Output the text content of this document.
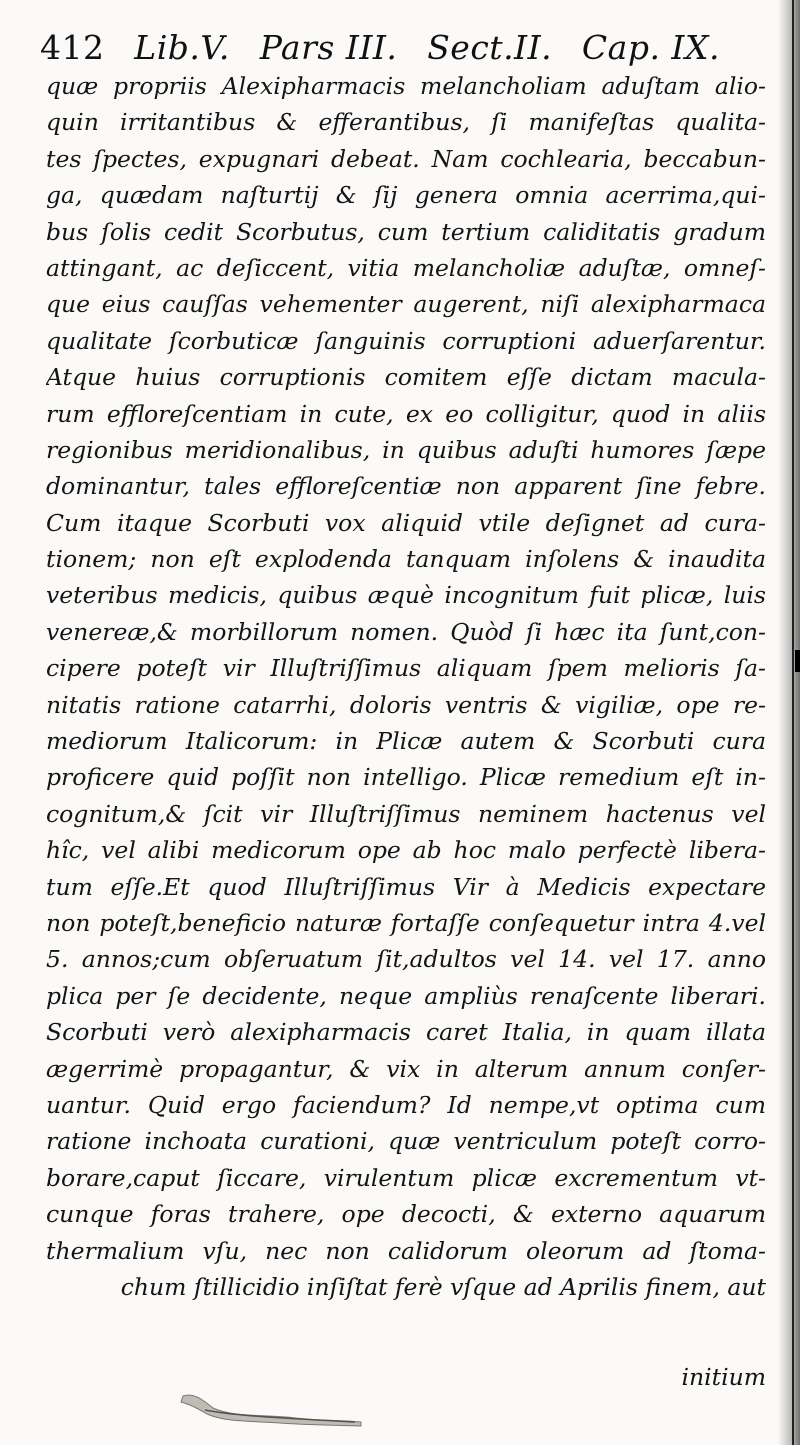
412 Lib.V. Pars III. Sect.II. Cap. IX.
quæ propriis Alexipharmacis melancholiam aduſtam alio-
quin irritantibus & efferantibus, ſi manifeſtas qualita-
tes ſpectes, expugnari debeat. Nam cochlearia, beccabun-
ga, quædam naſturtij & ſij genera omnia acerrima,qui-
bus ſolis cedit Scorbutus, cum tertium caliditatis gradum
attingant, ac deſiccent, vitia melancholiæ aduſtæ, omneſ-
que eius cauſſas vehementer augerent, niſi alexipharmaca
qualitate ſcorbuticæ ſanguinis corruptioni aduerſarentur.
Atque huius corruptionis comitem eſſe dictam macula-
rum effloreſcentiam in cute, ex eo colligitur, quod in aliis
regionibus meridionalibus, in quibus aduſti humores ſæpe
dominantur, tales effloreſcentiæ non apparent ſine febre.
Cum itaque Scorbuti vox aliquid vtile deſignet ad cura-
tionem; non eſt explodenda tanquam inſolens & inaudita
veteribus medicis, quibus æquè incognitum fuit plicæ, luis
venereæ,& morbillorum nomen. Quòd ſi hæc ita ſunt,con-
cipere poteſt vir Illuſtriſſimus aliquam ſpem melioris ſa-
nitatis ratione catarrhi, doloris ventris & vigiliæ, ope re-
mediorum Italicorum: in Plicæ autem & Scorbuti cura
proficere quid poſſit non intelligo. Plicæ remedium eſt in-
cognitum,& ſcit vir Illuſtriſſimus neminem hactenus vel
hîc, vel alibi medicorum ope ab hoc malo perfectè libera-
tum eſſe.Et quod Illuſtriſſimus Vir à Medicis expectare
non poteſt,beneficio naturæ fortaſſe conſequetur intra 4.vel
5. annos;cum obſeruatum ſit,adultos vel 14. vel 17. anno
plica per ſe decidente, neque ampliùs renaſcente liberari.
Scorbuti verò alexipharmacis caret Italia, in quam illata
ægerrimè propagantur, & vix in alterum annum conſer-
uantur. Quid ergo faciendum? Id nempe,vt optima cum
ratione inchoata curationi, quæ ventriculum poteſt corro-
borare,caput ſiccare, virulentum plicæ excrementum vt-
cunque foras trahere, ope decocti, & externo aquarum
thermalium vſu, nec non calidorum oleorum ad ſtoma-
chum ſtillicidio inſiſtat ferè vſque ad Aprilis finem, aut
initium
